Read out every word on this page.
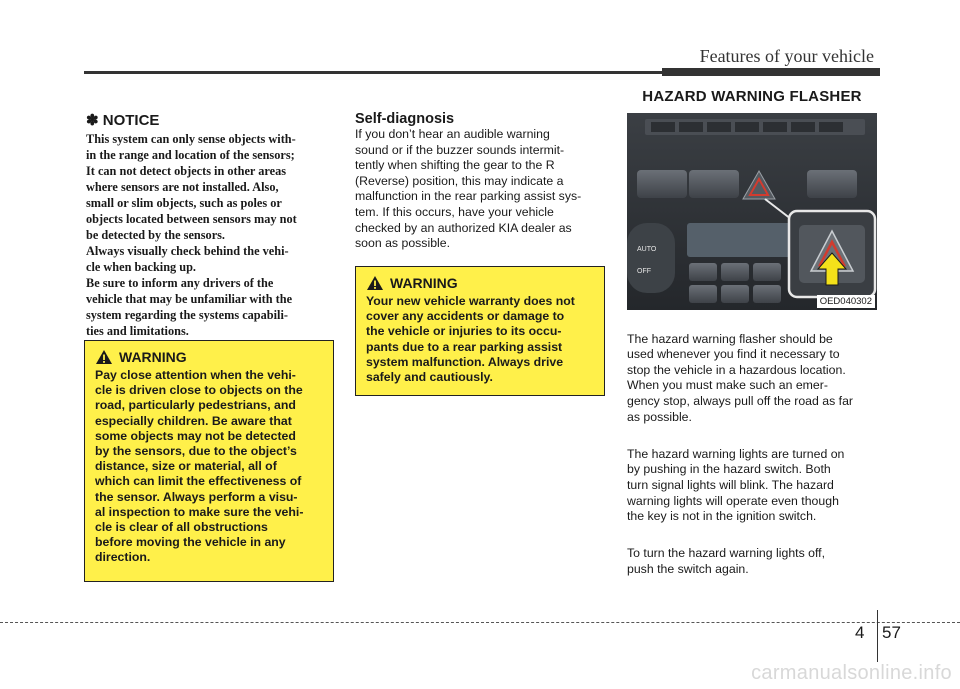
Features of your vehicle
✽ NOTICE

This system can only sense objects with-
in the range and location of the sensors;
It can not detect objects in other areas
where sensors are not installed. Also,
small or slim objects, such as poles or
objects located between sensors may not
be detected by the sensors.
Always visually check behind the vehi-
cle when backing up.
Be sure to inform any drivers of the
vehicle that may be unfamiliar with the
system regarding the systems capabili-
ties and limitations.

WARNING

Pay close attention when the vehi-
cle is driven close to objects on the
road, particularly pedestrians, and
especially children. Be aware that
some objects may not be detected
by the sensors, due to the object’s
distance, size or material, all of
which can limit the effectiveness of
the sensor. Always perform a visu-
al inspection to make sure the vehi-
cle is clear of all obstructions
before moving the vehicle in any
direction.

Self-diagnosis

If you don’t hear an audible warning
sound or if the buzzer sounds intermit-
tently when shifting the gear to the R
(Reverse) position, this may indicate a
malfunction in the rear parking assist sys-
tem. If this occurs, have your vehicle
checked by an authorized KIA dealer as
soon as possible.

WARNING

Your new vehicle warranty does not
cover any accidents or damage to
the vehicle or injuries to its occu-
pants due to a rear parking assist
system malfunction. Always drive
safely and cautiously.

HAZARD WARNING FLASHER
AUTO
OFF
OED040302

The hazard warning flasher should be
used whenever you find it necessary to
stop the vehicle in a hazardous location.
When you must make such an emer-
gency stop, always pull off the road as far
as possible.

The hazard warning lights are turned on
by pushing in the hazard switch. Both
turn signal lights will blink. The hazard
warning lights will operate even though
the key is not in the ignition switch.

To turn the hazard warning lights off,
push the switch again.

4 57
carmanualsonline.info
